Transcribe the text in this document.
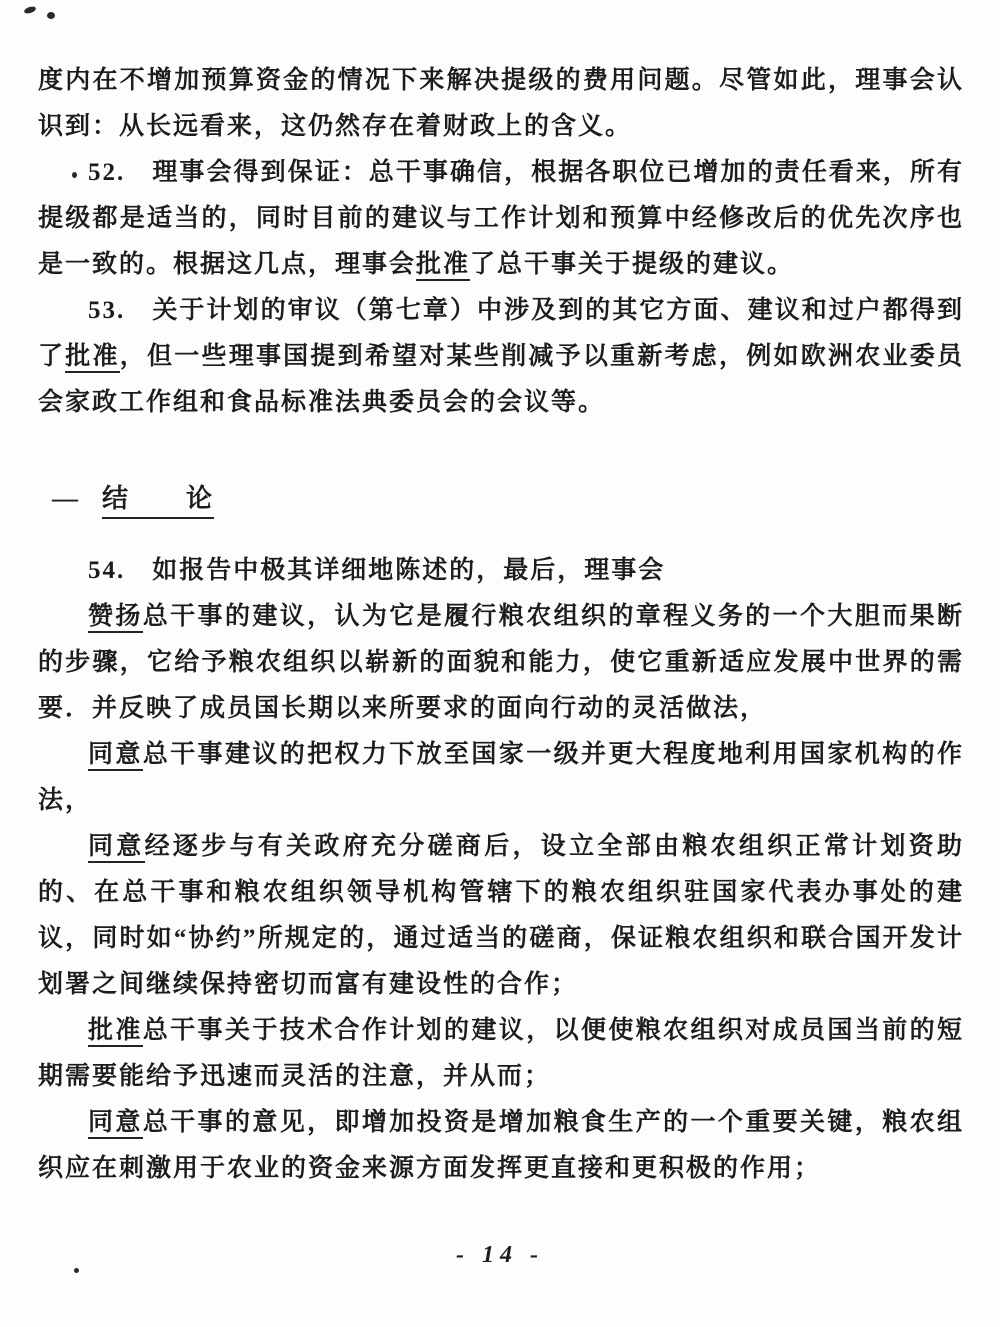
度内在不增加预算资金的情况下来解决提级的费用问题。尽管如此，理事会认识到：从长远看来，这仍然存在着财政上的含义。

52.　理事会得到保证：总干事确信，根据各职位已增加的责任看来，所有提级都是适当的，同时目前的建议与工作计划和预算中经修改后的优先次序也是一致的。根据这几点，理事会批准了总干事关于提级的建议。

53.　关于计划的审议（第七章）中涉及到的其它方面、建议和过户都得到了批准，但一些理事国提到希望对某些削减予以重新考虑，例如欧洲农业委员会家政工作组和食品标准法典委员会的会议等。

— 结　　论

54.　如报告中极其详细地陈述的，最后，理事会

赞扬总干事的建议，认为它是履行粮农组织的章程义务的一个大胆而果断的步骤，它给予粮农组织以崭新的面貌和能力，使它重新适应发展中世界的需要．并反映了成员国长期以来所要求的面向行动的灵活做法，

同意总干事建议的把权力下放至国家一级并更大程度地利用国家机构的作法，

同意经逐步与有关政府充分磋商后，设立全部由粮农组织正常计划资助的、在总干事和粮农组织领导机构管辖下的粮农组织驻国家代表办事处的建议，同时如“协约”所规定的，通过适当的磋商，保证粮农组织和联合国开发计划署之间继续保持密切而富有建设性的合作；

批准总干事关于技术合作计划的建议，以便使粮农组织对成员国当前的短期需要能给予迅速而灵活的注意，并从而；

同意总干事的意见，即增加投资是增加粮食生产的一个重要关键，粮农组织应在刺激用于农业的资金来源方面发挥更直接和更积极的作用；

- 14 -
